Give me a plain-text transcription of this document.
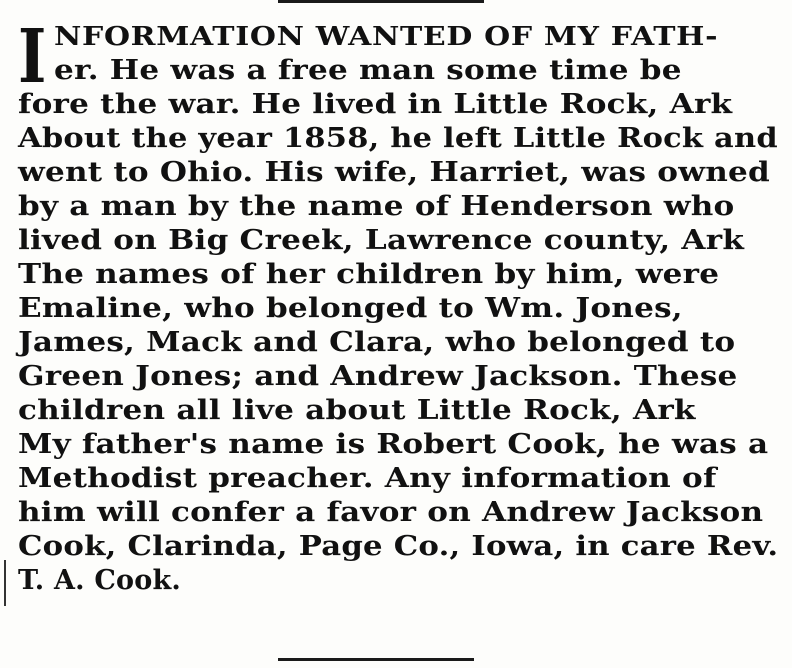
I NFORMATION WANTED OF MY FATH-
er. He was a free man some time be
fore the war. He lived in Little Rock, Ark
About the year 1858, he left Little Rock and
went to Ohio. His wife, Harriet, was owned
by a man by the name of Henderson who
lived on Big Creek, Lawrence county, Ark
The names of her children by him, were
Emaline, who belonged to Wm. Jones,
James, Mack and Clara, who belonged to
Green Jones; and Andrew Jackson. These
children all live about Little Rock, Ark
My father's name is Robert Cook, he was a
Methodist preacher. Any information of
him will confer a favor on Andrew Jackson
Cook, Clarinda, Page Co., Iowa, in care Rev.
T. A. Cook.
